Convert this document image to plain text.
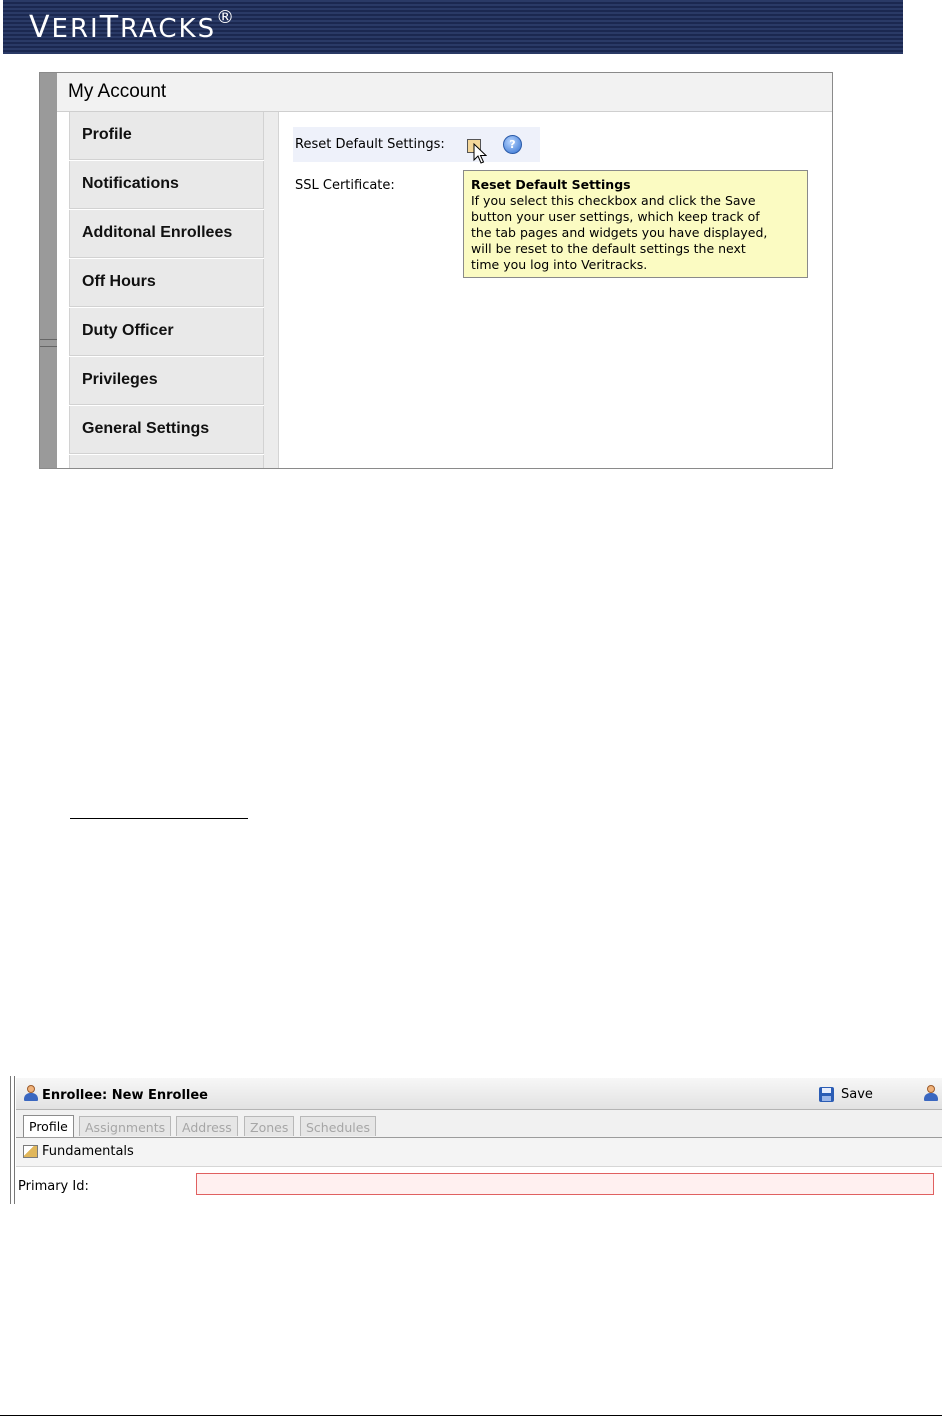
VERITRACKS®
My Account
Profile
Notifications
Additonal Enrollees
Off Hours
Duty Officer
Privileges
General Settings
Reset Default Settings:	?
SSL Certificate:	Reset Default Settings
If you select this checkbox and click the Save
button your user settings, which keep track of
the tab pages and widgets you have displayed,
will be reset to the default settings the next
time you log into Veritracks.
Enrollee: New Enrollee	Save
Profile	Assignments	Address	Zones	Schedules
Fundamentals
Primary Id:
